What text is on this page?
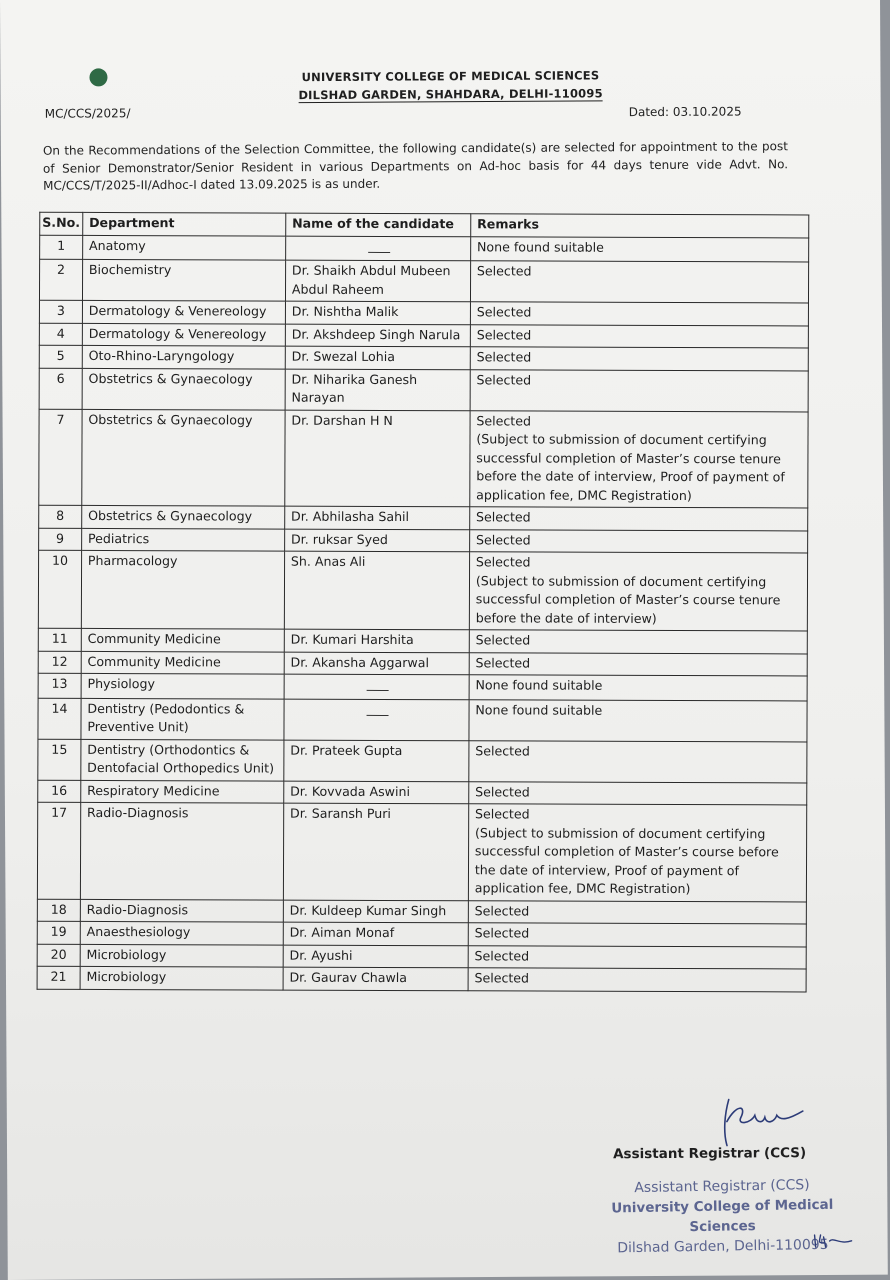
UNIVERSITY COLLEGE OF MEDICAL SCIENCES
DILSHAD GARDEN, SHAHDARA, DELHI-110095
MC/CCS/2025/	Dated: 03.10.2025
On the Recommendations of the Selection Committee, the following candidate(s) are selected for appointment to the post of Senior Demonstrator/Senior Resident in various Departments on Ad-hoc basis for 44 days tenure vide Advt. No. MC/CCS/T/2025-II/Adhoc-I dated 13.09.2025 is as under.
S.No.	Department	Name of the candidate	Remarks
1	Anatomy		None found suitable
2	Biochemistry	Dr. Shaikh Abdul Mubeen Abdul Raheem	Selected
3	Dermatology & Venereology	Dr. Nishtha Malik	Selected
4	Dermatology & Venereology	Dr. Akshdeep Singh Narula	Selected
5	Oto-Rhino-Laryngology	Dr. Swezal Lohia	Selected
6	Obstetrics & Gynaecology	Dr. Niharika Ganesh Narayan	Selected
7	Obstetrics & Gynaecology	Dr. Darshan H N	Selected
(Subject to submission of document certifying successful completion of Master’s course tenure before the date of interview, Proof of payment of application fee, DMC Registration)
8	Obstetrics & Gynaecology	Dr. Abhilasha Sahil	Selected
9	Pediatrics	Dr. ruksar Syed	Selected
10	Pharmacology	Sh. Anas Ali	Selected
(Subject to submission of document certifying successful completion of Master’s course tenure before the date of interview)
11	Community Medicine	Dr. Kumari Harshita	Selected
12	Community Medicine	Dr. Akansha Aggarwal	Selected
13	Physiology		None found suitable
14	Dentistry (Pedodontics & Preventive Unit)		None found suitable
15	Dentistry (Orthodontics & Dentofacial Orthopedics Unit)	Dr. Prateek Gupta	Selected
16	Respiratory Medicine	Dr. Kovvada Aswini	Selected
17	Radio-Diagnosis	Dr. Saransh Puri	Selected
(Subject to submission of document certifying successful completion of Master’s course before the date of interview, Proof of payment of application fee, DMC Registration)
18	Radio-Diagnosis	Dr. Kuldeep Kumar Singh	Selected
19	Anaesthesiology	Dr. Aiman Monaf	Selected
20	Microbiology	Dr. Ayushi	Selected
21	Microbiology	Dr. Gaurav Chawla	Selected
Assistant Registrar (CCS)
Assistant Registrar (CCS)
University College of Medical Sciences
Dilshad Garden, Delhi-110095
